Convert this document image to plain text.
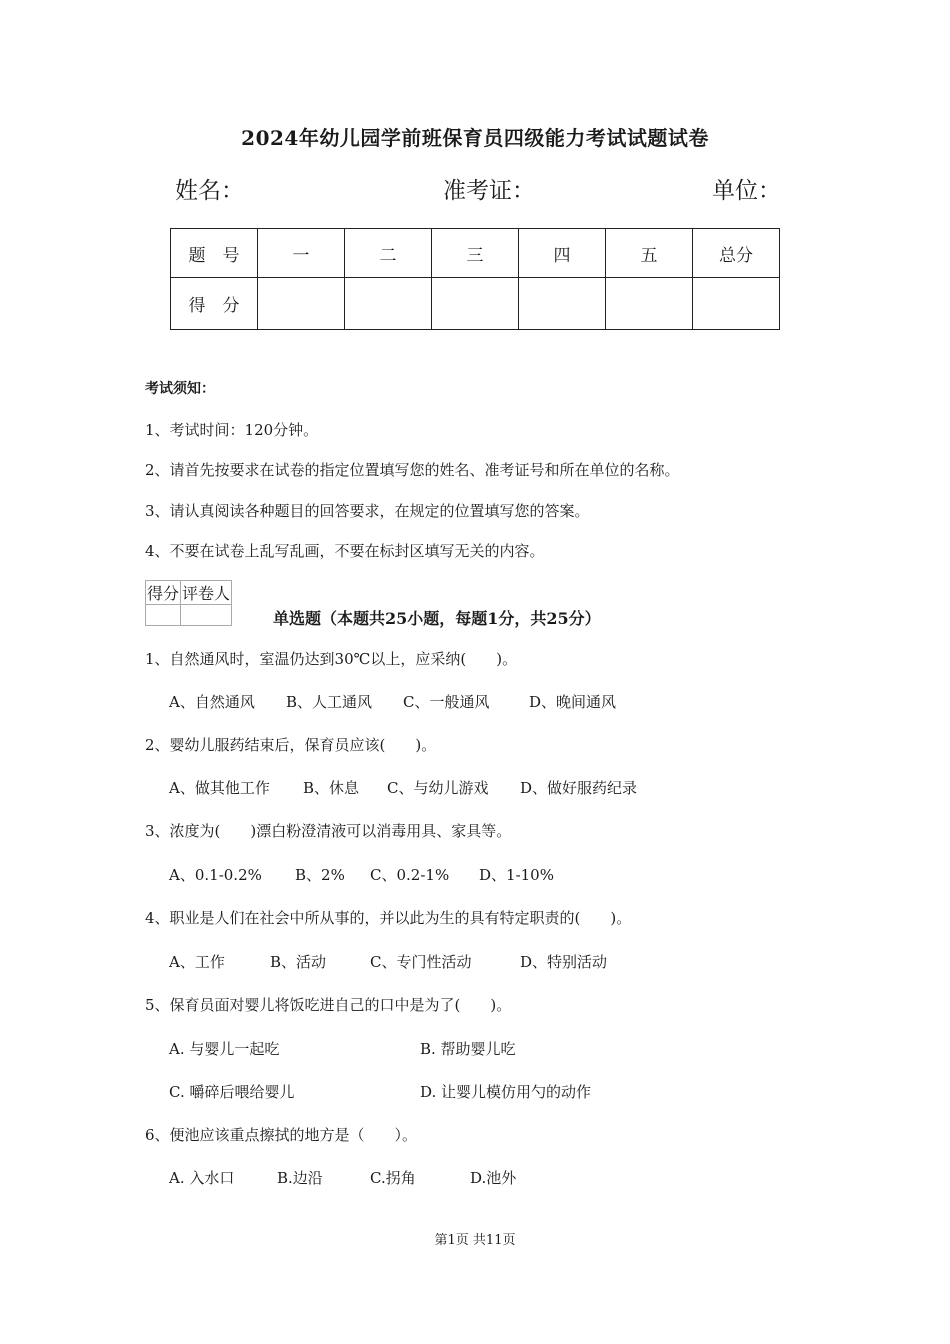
2024年幼儿园学前班保育员四级能力考试试题试卷
姓名：	准考证：	单位：
题　号	一	二	三	四	五	总分
得　分						
考试须知：
1、考试时间：120分钟。
2、请首先按要求在试卷的指定位置填写您的姓名、准考证号和所在单位的名称。
3、请认真阅读各种题目的回答要求，在规定的位置填写您的答案。
4、不要在试卷上乱写乱画，不要在标封区填写无关的内容。
得分	评卷人

单选题（本题共25小题，每题1分，共25分）
1、自然通风时，室温仍达到30℃以上，应采纳(　　)。
A、自然通风 B、人工通风 C、一般通风	D、晚间通风
2、婴幼儿服药结束后，保育员应该(　　)。
A、做其他工作 B、休息 C、与幼儿游戏 D、做好服药纪录
3、浓度为(　　)漂白粉澄清液可以消毒用具、家具等。
A、0.1-0.2% B、2% C、0.2-1% D、1-10%
4、职业是人们在社会中所从事的，并以此为生的具有特定职责的(　　)。
A、工作	B、活动	C、专门性活动	D、特别活动
5、保育员面对婴儿将饭吃进自己的口中是为了(　　)。
A. 与婴儿一起吃	B. 帮助婴儿吃
C. 嚼碎后喂给婴儿	D. 让婴儿模仿用勺的动作
6、便池应该重点擦拭的地方是（　　）。
A. 入水口	B.边沿	C.拐角	D.池外
第1页 共11页
